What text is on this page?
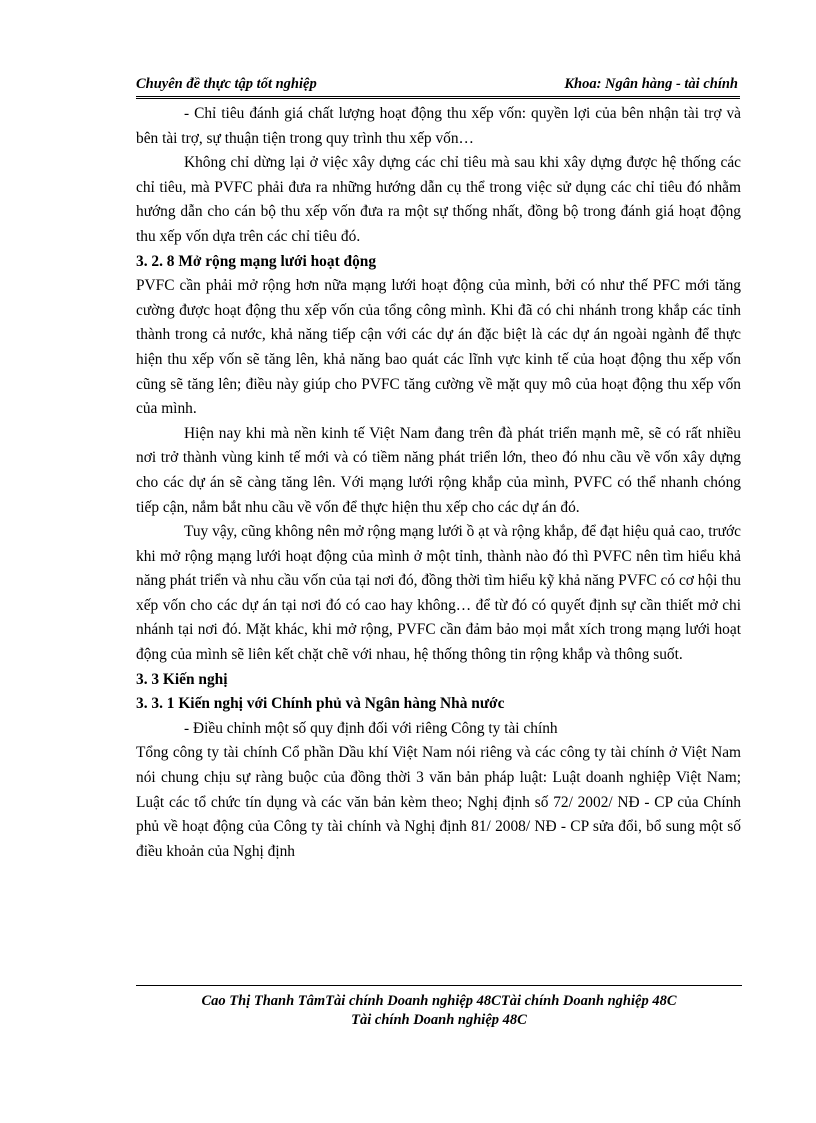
Chuyên đề thực tập tốt nghiệp	Khoa: Ngân hàng - tài chính

- Chỉ tiêu đánh giá chất lượng hoạt động thu xếp vốn: quyền lợi của bên nhận tài trợ và bên tài trợ, sự thuận tiện trong quy trình thu xếp vốn…

Không chỉ dừng lại ở việc xây dựng các chỉ tiêu mà sau khi xây dựng được hệ thống các chỉ tiêu, mà PVFC phải đưa ra những hướng dẫn cụ thể trong việc sử dụng các chỉ tiêu đó nhằm hướng dẫn cho cán bộ thu xếp vốn đưa ra một sự thống nhất, đồng bộ trong đánh giá hoạt động thu xếp vốn dựa trên các chỉ tiêu đó.

3. 2. 8 Mở rộng mạng lưới hoạt động

PVFC cần phải mở rộng hơn nữa mạng lưới hoạt động của mình, bởi có như thế PFC mới tăng cường được hoạt động thu xếp vốn của tổng công mình. Khi đã có chi nhánh trong khắp các tỉnh thành trong cả nước, khả năng tiếp cận với các dự án đặc biệt là các dự án ngoài ngành để thực hiện thu xếp vốn sẽ tăng lên, khả năng bao quát các lĩnh vực kinh tế của hoạt động thu xếp vốn cũng sẽ tăng lên; điều này giúp cho PVFC tăng cường về mặt quy mô của hoạt động thu xếp vốn của mình.

Hiện nay khi mà nền kinh tế Việt Nam đang trên đà phát triển mạnh mẽ, sẽ có rất nhiều nơi trở thành vùng kinh tế mới và có tiềm năng phát triển lớn, theo đó nhu cầu về vốn xây dựng cho các dự án sẽ càng tăng lên. Với mạng lưới rộng khắp của mình, PVFC có thể nhanh chóng tiếp cận, nắm bắt nhu cầu về vốn để thực hiện thu xếp cho các dự án đó.

Tuy vậy, cũng không nên mở rộng mạng lưới ồ ạt và rộng khắp, để đạt hiệu quả cao, trước khi mở rộng mạng lưới hoạt động của mình ở một tỉnh, thành nào đó thì PVFC nên tìm hiểu khả năng phát triển và nhu cầu vốn của tại nơi đó, đồng thời tìm hiểu kỹ khả năng PVFC có cơ hội thu xếp vốn cho các dự án tại nơi đó có cao hay không… để từ đó có quyết định sự cần thiết mở chi nhánh tại nơi đó. Mặt khác, khi mở rộng, PVFC cần đảm bảo mọi mắt xích trong mạng lưới hoạt động của mình sẽ liên kết chặt chẽ với nhau, hệ thống thông tin rộng khắp và thông suốt.

3. 3 Kiến nghị

3. 3. 1 Kiến nghị với Chính phủ và Ngân hàng Nhà nước

- Điều chỉnh một số quy định đối với riêng Công ty tài chính

Tổng công ty tài chính Cổ phần Dầu khí Việt Nam nói riêng và các công ty tài chính ở Việt Nam nói chung chịu sự ràng buộc của đồng thời 3 văn bản pháp luật: Luật doanh nghiệp Việt Nam; Luật các tổ chức tín dụng và các văn bản kèm theo; Nghị định số 72/ 2002/ NĐ - CP của Chính phủ về hoạt động của Công ty tài chính và Nghị định 81/ 2008/ NĐ - CP sửa đổi, bổ sung một số điều khoản của Nghị định

Cao Thị Thanh TâmTài chính Doanh nghiệp 48CTài chính Doanh nghiệp 48C
Tài chính Doanh nghiệp 48C
